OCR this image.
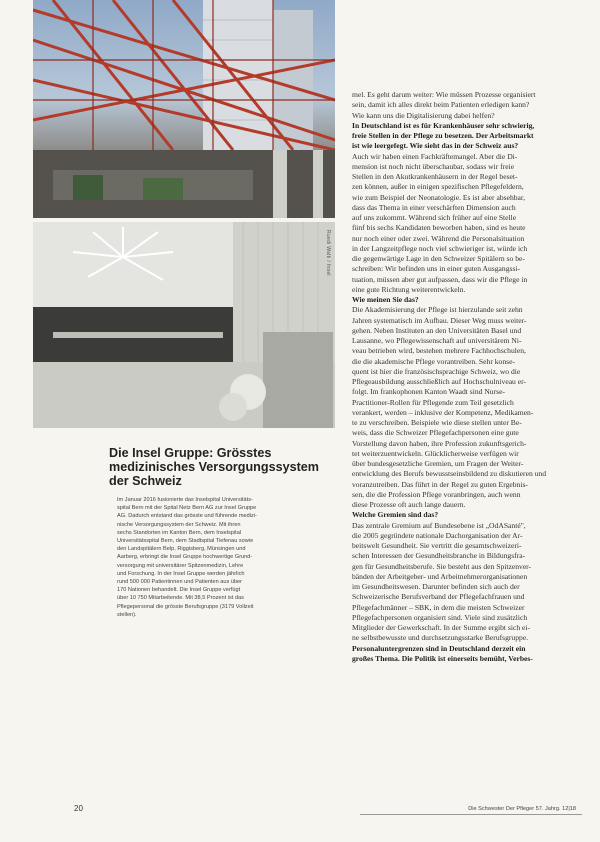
Ruedi Walti / Insel
Die Insel Gruppe: Grösstes
medizinisches Versorgungssystem
der Schweiz
Im Januar 2016 fusionierte das Inselspital Universitäts-
spital Bern mit der Spital Netz Bern AG zur Insel Gruppe
AG. Dadurch entstand das grösste und führende medizi-
nische Versorgungssystem der Schweiz. Mit ihren
sechs Standorten im Kanton Bern, dem Inselspital
Universitätsspital Bern, dem Stadtspital Tiefenau sowie
den Landspitälern Belp, Riggisberg, Münsingen und
Aarberg, erbringt die Insel Gruppe hochwertige Grund-
versorgung mit universitärer Spitzenmedizin, Lehre
und Forschung. In der Insel Gruppe werden jährlich
rund 500 000 Patientinnen und Patienten aus über
170 Nationen behandelt. Die Insel Gruppe verfügt
über 10 750 Mitarbeitende. Mit 38,5 Prozent ist das
Pflegepersonal die grösste Berufsgruppe (3179 Vollzeit
stellen).

mel. Es geht darum weiter: Wie müssen Prozesse organisiert

sein, damit ich alles direkt beim Patienten erledigen kann?

Wie kann uns die Digitalisierung dabei helfen?

In Deutschland ist es für Krankenhäuser sehr schwierig,

freie Stellen in der Pflege zu besetzen. Der Arbeitsmarkt

ist wie leergefegt. Wie sieht das in der Schweiz aus?

Auch wir haben einen Fachkräftemangel. Aber die Di-

mension ist noch nicht überschaubar, sodass wir freie

Stellen in den Akutkrankenhäusern in der Regel beset-

zen können, außer in einigen spezifischen Pflegefeldern,

wie zum Beispiel der Neonatologie. Es ist aber absehbar,

dass das Thema in einer verschärften Dimension auch

auf uns zukommt. Während sich früher auf eine Stelle

fünf bis sechs Kandidaten beworben haben, sind es heute

nur noch einer oder zwei. Während die Personalsituation

in der Langzeitpflege noch viel schwieriger ist, würde ich

die gegenwärtige Lage in den Schweizer Spitälern so be-

schreiben: Wir befinden uns in einer guten Ausgangssi-

tuation, müssen aber gut aufpassen, dass wir die Pflege in

eine gute Richtung weiterentwickeln.

Wie meinen Sie das?

Die Akademisierung der Pflege ist hierzulande seit zehn

Jahren systematisch im Aufbau. Dieser Weg muss weiter-

gehen. Neben Instituten an den Universitäten Basel und

Lausanne, wo Pflegewissenschaft auf universitärem Ni-

veau betrieben wird, bestehen mehrere Fachhochschulen,

die die akademische Pflege vorantreiben. Sehr konse-

quent ist hier die französischsprachige Schweiz, wo die

Pflegeausbildung ausschließlich auf Hochschulniveau er-

folgt. Im frankophonen Kanton Waadt sind Nurse-

Practitioner-Rollen für Pflegende zum Teil gesetzlich

verankert, werden – inklusive der Kompetenz, Medikamen-

te zu verschreiben. Beispiele wie diese stellen unter Be-

weis, dass die Schweizer Pflegefachpersonen eine gute

Vorstellung davon haben, ihre Profession zukunftsgerich-

tet weiterzuentwickeln. Glücklicherweise verfügen wir

über bundesgesetzliche Gremien, um Fragen der Weiter-

entwicklung des Berufs bewusstseinsbildend zu diskutieren und

voranzutreiben. Das führt in der Regel zu guten Ergebnis-

sen, die die Profession Pflege voranbringen, auch wenn

diese Prozesse oft auch lange dauern.

Welche Gremien sind das?

Das zentrale Gremium auf Bundesebene ist „OdASanté",

die 2005 gegründete nationale Dachorganisation der Ar-

beitswelt Gesundheit. Sie vertritt die gesamtschweizeri-

schen Interessen der Gesundheitsbranche in Bildungsfra-

gen für Gesundheitsberufe. Sie besteht aus den Spitzenver-

bänden der Arbeitgeber- und Arbeitnehmerorganisationen

im Gesundheitswesen. Darunter befinden sich auch der

Schweizerische Berufsverband der Pflegefachfrauen und

Pflegefachmänner – SBK, in dem die meisten Schweizer

Pflegefachpersonen organisiert sind. Viele sind zusätzlich

Mitglieder der Gewerkschaft. In der Summe ergibt sich ei-

ne selbstbewusste und durchsetzungsstarke Berufsgruppe.

Personaluntergrenzen sind in Deutschland derzeit ein

großes Thema. Die Politik ist einerseits bemüht, Verbes-

20	Die Schwester Der Pfleger 57. Jahrg. 12|18
